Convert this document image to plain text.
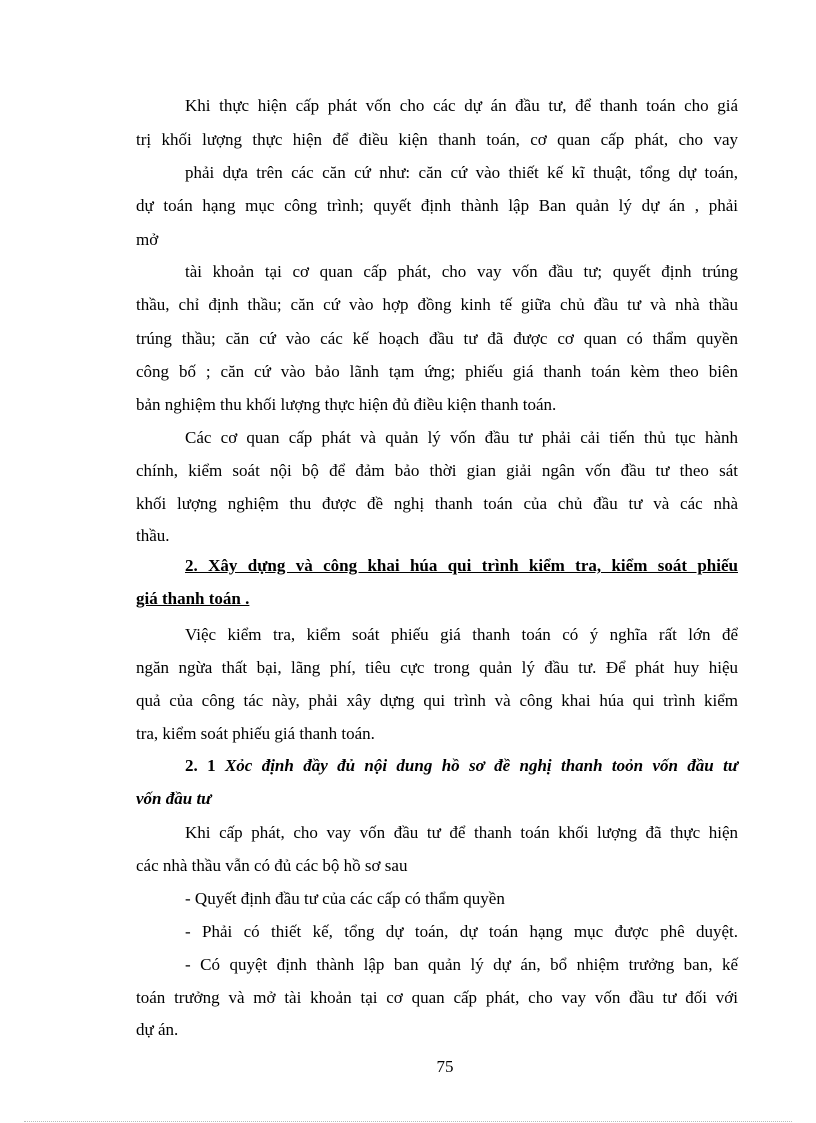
Khi thực hiện cấp phát vốn cho các dự án đầu tư, để thanh toán cho giá
trị khối lượng thực hiện để điều kiện thanh toán, cơ quan cấp phát, cho vay
phải dựa trên các căn cứ như: căn cứ vào thiết kế kĩ thuật, tổng dự toán,
dự toán hạng mục công trình; quyết định thành lập Ban quản lý dự án , phải
mở
tài khoản tại cơ quan cấp phát, cho vay vốn đầu tư; quyết định trúng
thầu, chỉ định thầu; căn cứ vào hợp đồng kinh tế giữa chủ đầu tư và nhà thầu
trúng thầu; căn cứ vào các kế hoạch đầu tư đã được cơ quan có thẩm quyền
công bố ; căn cứ vào bảo lãnh tạm ứng; phiếu giá thanh toán kèm theo biên
bản nghiệm thu khối lượng thực hiện đủ điều kiện thanh toán.
Các cơ quan cấp phát và quản lý vốn đầu tư phải cải tiến thủ tục hành
chính, kiểm soát nội bộ để đảm bảo thời gian giải ngân vốn đầu tư theo sát
khối lượng nghiệm thu được đề nghị thanh toán của chủ đầu tư và các nhà
thầu.
2. Xây dựng và công khai húa qui trình kiểm tra, kiểm soát phiếu
giá thanh toán .
Việc kiểm tra, kiểm soát phiếu giá thanh toán có ý nghĩa rất lớn để
ngăn ngừa thất bại, lãng phí, tiêu cực trong quản lý đầu tư. Để phát huy hiệu
quả của công tác này, phải xây dựng qui trình và công khai húa qui trình kiểm
tra, kiểm soát phiếu giá thanh toán.
2. 1 Xỏc định đầy đủ nội dung hồ sơ đề nghị thanh toỏn vốn đầu tư
vốn đầu tư
Khi cấp phát, cho vay vốn đầu tư để thanh toán khối lượng đã thực hiện
các nhà thầu vẫn có đủ các bộ hồ sơ sau
- Quyết định đầu tư của các cấp có thẩm quyền
- Phải có thiết kế, tổng dự toán, dự toán hạng mục được phê duyệt.
- Có quyệt định thành lập ban quản lý dự án, bổ nhiệm trưởng ban, kế
toán trưởng và mở tài khoản tại cơ quan cấp phát, cho vay vốn đầu tư đối với
dự án.
75
